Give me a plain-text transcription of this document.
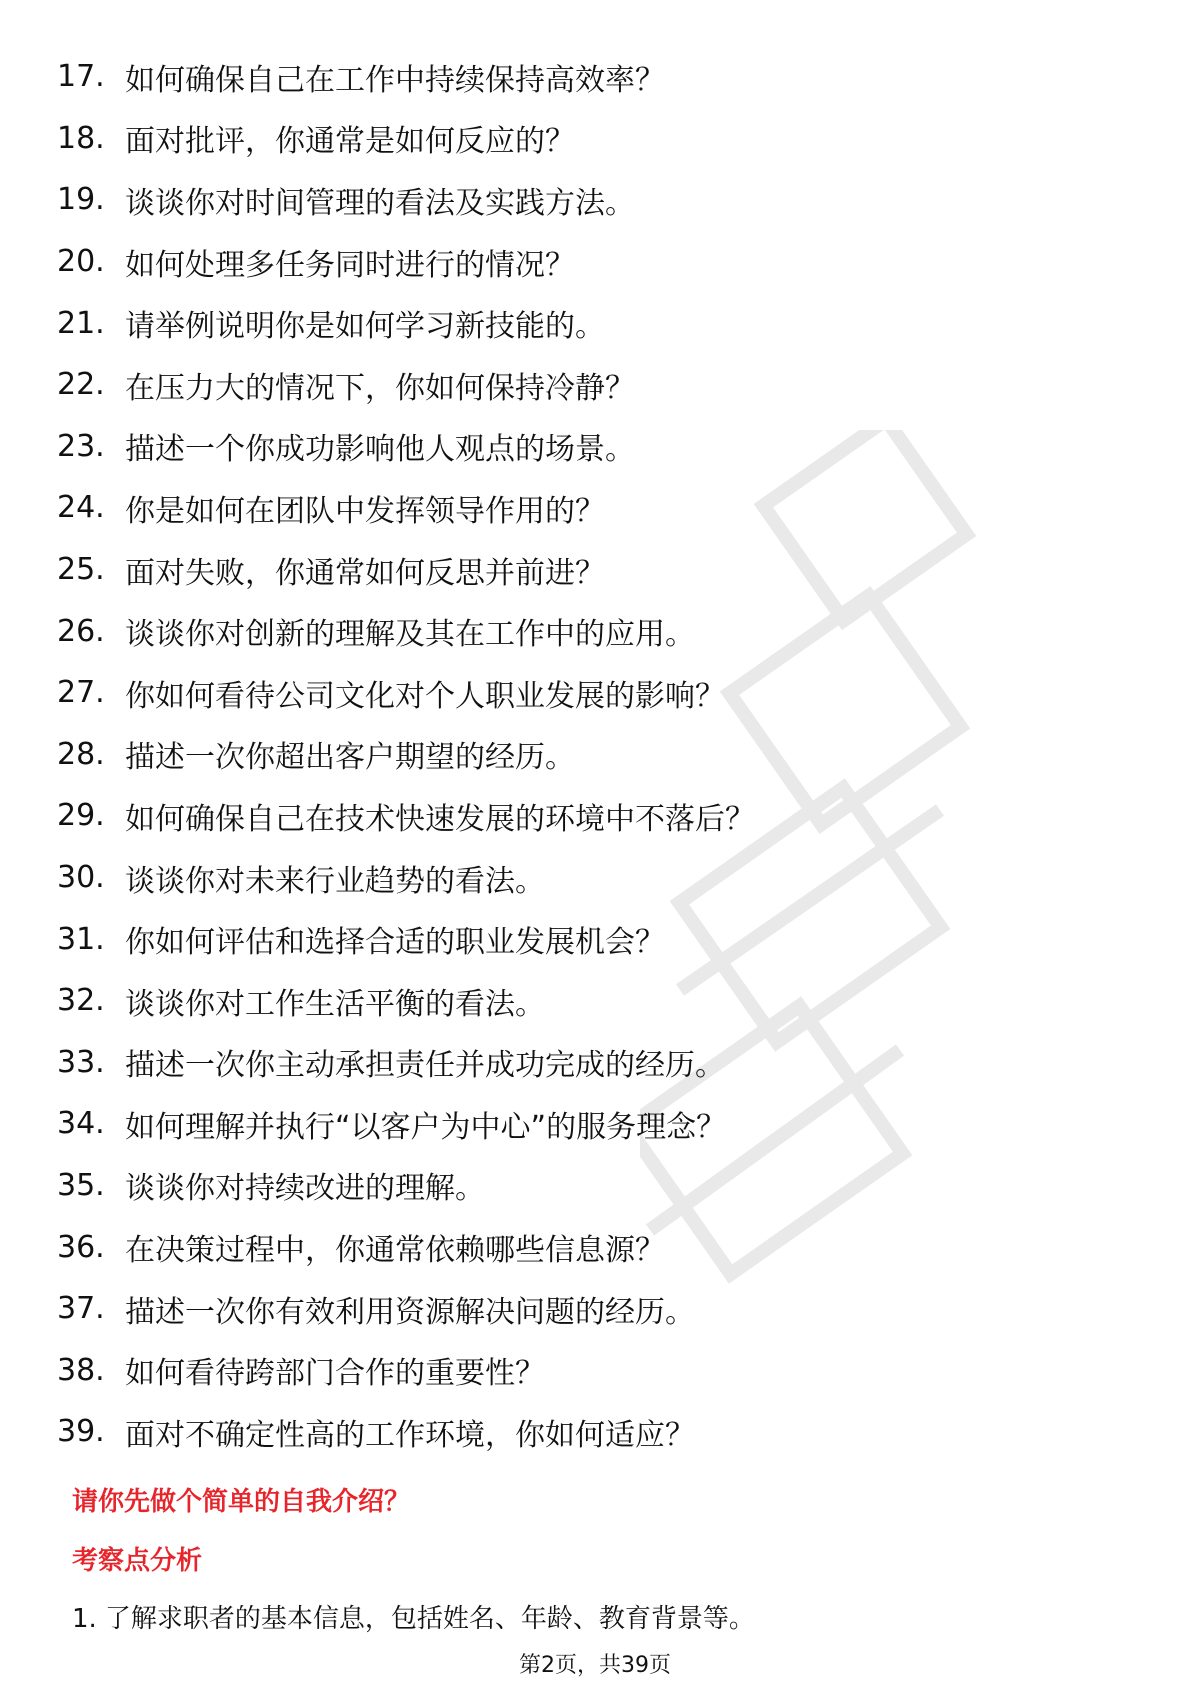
17. 如何确保自己在工作中持续保持高效率？
18. 面对批评，你通常是如何反应的？
19. 谈谈你对时间管理的看法及实践方法。
20. 如何处理多任务同时进行的情况？
21. 请举例说明你是如何学习新技能的。
22. 在压力大的情况下，你如何保持冷静？
23. 描述一个你成功影响他人观点的场景。
24. 你是如何在团队中发挥领导作用的？
25. 面对失败，你通常如何反思并前进？
26. 谈谈你对创新的理解及其在工作中的应用。
27. 你如何看待公司文化对个人职业发展的影响？
28. 描述一次你超出客户期望的经历。
29. 如何确保自己在技术快速发展的环境中不落后？
30. 谈谈你对未来行业趋势的看法。
31. 你如何评估和选择合适的职业发展机会？
32. 谈谈你对工作生活平衡的看法。
33. 描述一次你主动承担责任并成功完成的经历。
34. 如何理解并执行“以客户为中心”的服务理念？
35. 谈谈你对持续改进的理解。
36. 在决策过程中，你通常依赖哪些信息源？
37. 描述一次你有效利用资源解决问题的经历。
38. 如何看待跨部门合作的重要性？
39. 面对不确定性高的工作环境，你如何适应？
请你先做个简单的自我介绍？
考察点分析
1. 了解求职者的基本信息，包括姓名、年龄、教育背景等。
第2页，共39页
